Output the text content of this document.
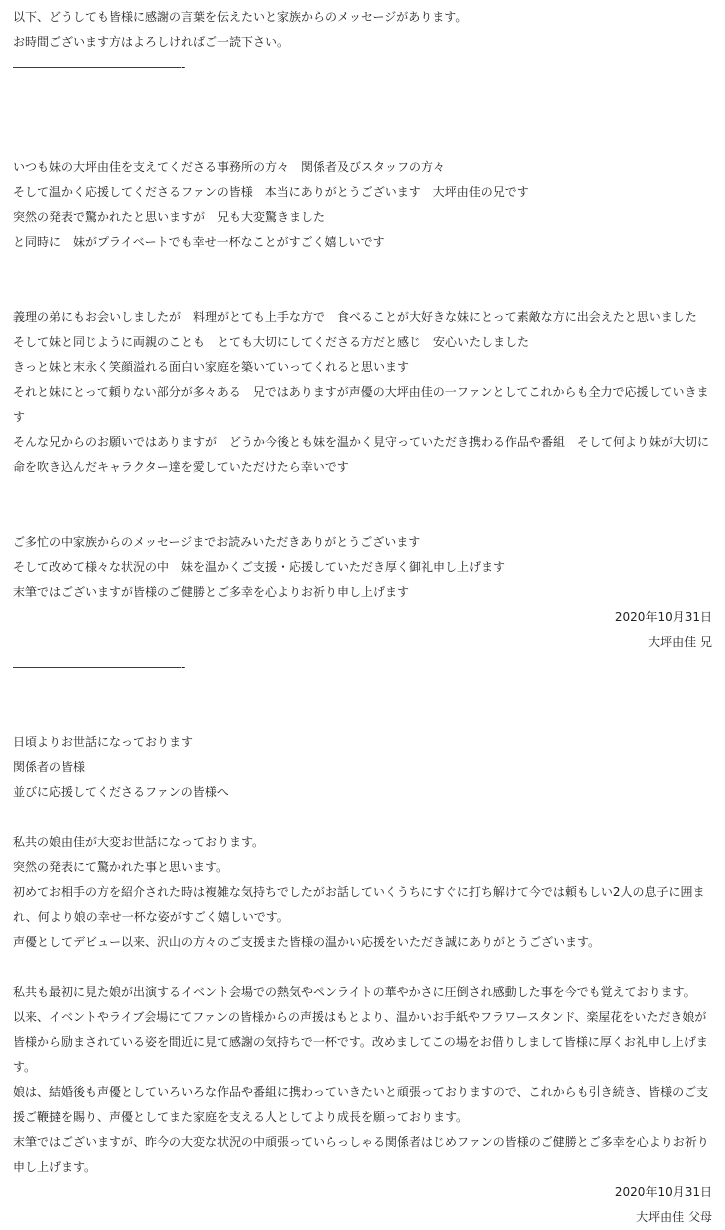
以下、どうしても皆様に感謝の言葉を伝えたいと家族からのメッセージがあります。
お時間ございます方はよろしければご一読下さい。
――――――――――――――-
いつも妹の大坪由佳を支えてくださる事務所の方々　関係者及びスタッフの方々
そして温かく応援してくださるファンの皆様　本当にありがとうございます　大坪由佳の兄です
突然の発表で驚かれたと思いますが　兄も大変驚きました
と同時に　妹がプライベートでも幸せ一杯なことがすごく嬉しいです
義理の弟にもお会いしましたが　料理がとても上手な方で　食べることが大好きな妹にとって素敵な方に出会えたと思いました
そして妹と同じように両親のことも　とても大切にしてくださる方だと感じ　安心いたしました
きっと妹と末永く笑顔溢れる面白い家庭を築いていってくれると思います
それと妹にとって頼りない部分が多々ある　兄ではありますが声優の大坪由佳の一ファンとしてこれからも全力で応援していきます
そんな兄からのお願いではありますが　どうか今後とも妹を温かく見守っていただき携わる作品や番組　そして何より妹が大切に命を吹き込んだキャラクター達を愛していただけたら幸いです
ご多忙の中家族からのメッセージまでお読みいただきありがとうございます
そして改めて様々な状況の中　妹を温かくご支援・応援していただき厚く御礼申し上げます
末筆ではございますが皆様のご健勝とご多幸を心よりお祈り申し上げます
2020年10月31日
大坪由佳 兄
――――――――――――――-
日頃よりお世話になっております
関係者の皆様
並びに応援してくださるファンの皆様へ
私共の娘由佳が大変お世話になっております。
突然の発表にて驚かれた事と思います。
初めてお相手の方を紹介された時は複雑な気持ちでしたがお話していくうちにすぐに打ち解けて今では頼もしい2人の息子に囲まれ、何より娘の幸せ一杯な姿がすごく嬉しいです。
声優としてデビュー以来、沢山の方々のご支援また皆様の温かい応援をいただき誠にありがとうございます。
私共も最初に見た娘が出演するイベント会場での熱気やペンライトの華やかさに圧倒され感動した事を今でも覚えております。
以来、イベントやライブ会場にてファンの皆様からの声援はもとより、温かいお手紙やフラワースタンド、楽屋花をいただき娘が皆様から励まされている姿を間近に見て感謝の気持ちで一杯です。改めましてこの場をお借りしまして皆様に厚くお礼申し上げます。
娘は、結婚後も声優としていろいろな作品や番組に携わっていきたいと頑張っておりますので、これからも引き続き、皆様のご支援ご鞭撻を賜り、声優としてまた家庭を支える人としてより成長を願っております。
末筆ではございますが、昨今の大変な状況の中頑張っていらっしゃる関係者はじめファンの皆様のご健勝とご多幸を心よりお祈り申し上げます。
2020年10月31日
大坪由佳 父母
